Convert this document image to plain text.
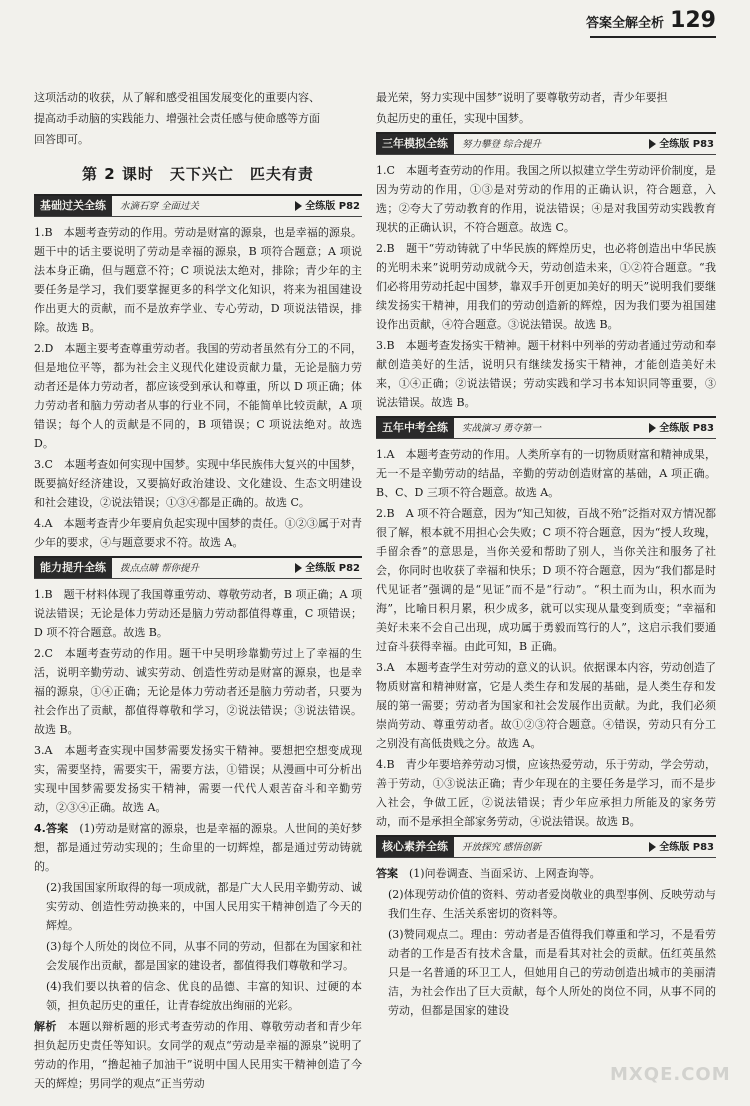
答案全解全析 129

这项活动的收获，从了解和感受祖国发展变化的重要内容、

提高动手动脑的实践能力、增强社会责任感与使命感等方面

回答即可。

第 2 课时　天下兴亡　匹夫有责
基础过关全练	水滴石穿 全面过关	全练版 P82

1.B　本题考查劳动的作用。劳动是财富的源泉，也是幸福的源泉。题干中的话主要说明了劳动是幸福的源泉，B 项符合题意；A 项说法本身正确，但与题意不符；C 项说法太绝对，排除；青少年的主要任务是学习，我们要掌握更多的科学文化知识，将来为祖国建设作出更大的贡献，而不是放弃学业、专心劳动，D 项说法错误，排除。故选 B。

2.D　本题主要考查尊重劳动者。我国的劳动者虽然有分工的不同，但是地位平等，都为社会主义现代化建设贡献力量，无论是脑力劳动者还是体力劳动者，都应该受到承认和尊重，所以 D 项正确；体力劳动者和脑力劳动者从事的行业不同，不能简单比较贡献，A 项错误；每个人的贡献是不同的，B 项错误；C 项说法绝对。故选 D。

3.C　本题考查如何实现中国梦。实现中华民族伟大复兴的中国梦，既要搞好经济建设，又要搞好政治建设、文化建设、生态文明建设和社会建设，②说法错误；①③④都是正确的。故选 C。

4.A　本题考查青少年要肩负起实现中国梦的责任。①②③属于对青少年的要求，④与题意要求不符。故选 A。

能力提升全练	拨点点睛 帮你提升	全练版 P82

1.B　题干材料体现了我国尊重劳动、尊敬劳动者，B 项正确；A 项说法错误；无论是体力劳动还是脑力劳动都值得尊重，C 项错误；D 项不符合题意。故选 B。

2.C　本题考查劳动的作用。题干中吴明珍靠勤劳过上了幸福的生活，说明辛勤劳动、诚实劳动、创造性劳动是财富的源泉，也是幸福的源泉，①④正确；无论是体力劳动者还是脑力劳动者，只要为社会作出了贡献，都值得尊敬和学习，②说法错误；③说法错误。故选 B。

3.A　本题考查实现中国梦需要发扬实干精神。要想把空想变成现实，需要坚持，需要实干，需要方法，①错误；从漫画中可分析出实现中国梦需要发扬实干精神，需要一代代人艰苦奋斗和辛勤劳动，②③④正确。故选 A。

4.答案　 (1)劳动是财富的源泉，也是幸福的源泉。人世间的美好梦想，都是通过劳动实现的；生命里的一切辉煌，都是通过劳动铸就的。

(2)我国国家所取得的每一项成就，都是广大人民用辛勤劳动、诚实劳动、创造性劳动换来的，中国人民用实干精神创造了今天的辉煌。

(3)每个人所处的岗位不同，从事不同的劳动，但都在为国家和社会发展作出贡献，都是国家的建设者，都值得我们尊敬和学习。

(4)我们要以执着的信念、优良的品德、丰富的知识、过硬的本领，担负起历史的重任，让青春绽放出绚丽的光彩。

解析　 本题以辩析题的形式考查劳动的作用、尊敬劳动者和青少年担负起历史责任等知识。女同学的观点“劳动是幸福的源泉”说明了劳动的作用，“撸起袖子加油干”说明中国人民用实干精神创造了今天的辉煌；男同学的观点“正当劳动

最光荣，努力实现中国梦”说明了要尊敬劳动者，青少年要担

负起历史的重任，实现中国梦。

三年模拟全练	努力攀登 综合提升	全练版 P83

1.C　本题考查劳动的作用。我国之所以拟建立学生劳动评价制度，是因为劳动的作用，①③是对劳动的作用的正确认识，符合题意，入选；②夸大了劳动教育的作用，说法错误；④是对我国劳动实践教育现状的正确认识，不符合题意。故选 C。

2.B　题干“劳动铸就了中华民族的辉煌历史，也必将创造出中华民族的光明未来”说明劳动成就今天，劳动创造未来，①②符合题意。“我们必将用劳动托起中国梦，靠双手开创更加美好的明天”说明我们要继续发扬实干精神，用我们的劳动创造新的辉煌，因为我们要为祖国建设作出贡献，④符合题意。③说法错误。故选 B。

3.B　本题考查发扬实干精神。题干材料中列举的劳动者通过劳动和奉献创造美好的生活，说明只有继续发扬实干精神，才能创造美好未来，①④正确；②说法错误；劳动实践和学习书本知识同等重要，③说法错误。故选 B。

五年中考全练	实战演习 勇夺第一	全练版 P83

1.A　本题考查劳动的作用。人类所享有的一切物质财富和精神成果，无一不是辛勤劳动的结晶，辛勤的劳动创造财富的基础，A 项正确。B、C、D 三项不符合题意。故选 A。

2.B　A 项不符合题意，因为“知己知彼，百战不殆”泛指对双方情况都很了解，根本就不用担心会失败；C 项不符合题意，因为“授人玫瑰，手留余香”的意思是，当你关爱和帮助了别人，当你关注和服务了社会，你同时也收获了幸福和快乐；D 项不符合题意，因为“我们都是时代见证者”强调的是“见证”而不是“行动”。“积土而为山，积水而为海”，比喻日积月累，积少成多，就可以实现从量变到质变；“幸福和美好未来不会自己出现，成功属于勇毅而笃行的人”，这启示我们要通过奋斗获得幸福。由此可知，B 正确。

3.A　本题考查学生对劳动的意义的认识。依据课本内容，劳动创造了物质财富和精神财富，它是人类生存和发展的基础，是人类生存和发展的第一需要；劳动者为国家和社会发展作出贡献。为此，我们必须崇尚劳动、尊重劳动者。故①②③符合题意。④错误，劳动只有分工之别没有高低贵贱之分。故选 A。

4.B　青少年要培养劳动习惯，应该热爱劳动，乐于劳动，学会劳动，善于劳动，①③说法正确；青少年现在的主要任务是学习，而不是步入社会，争做工匠，②说法错误；青少年应承担力所能及的家务劳动，而不是承担全部家务劳动，④说法错误。故选 B。

核心素养全练	开放探究 感悟创新	全练版 P83

答案　 (1)问卷调查、当面采访、上网查询等。

(2)体现劳动价值的资料、劳动者爱岗敬业的典型事例、反映劳动与我们生存、生活关系密切的资料等。

(3)赞同观点二。理由：劳动者是否值得我们尊重和学习，不是看劳动者的工作是否有技术含量，而是看其对社会的贡献。伍红英虽然只是一名普通的环卫工人，但她用自己的劳动创造出城市的美丽清洁，为社会作出了巨大贡献，每个人所处的岗位不同，从事不同的劳动，但都是国家的建设

MXQE.COM
